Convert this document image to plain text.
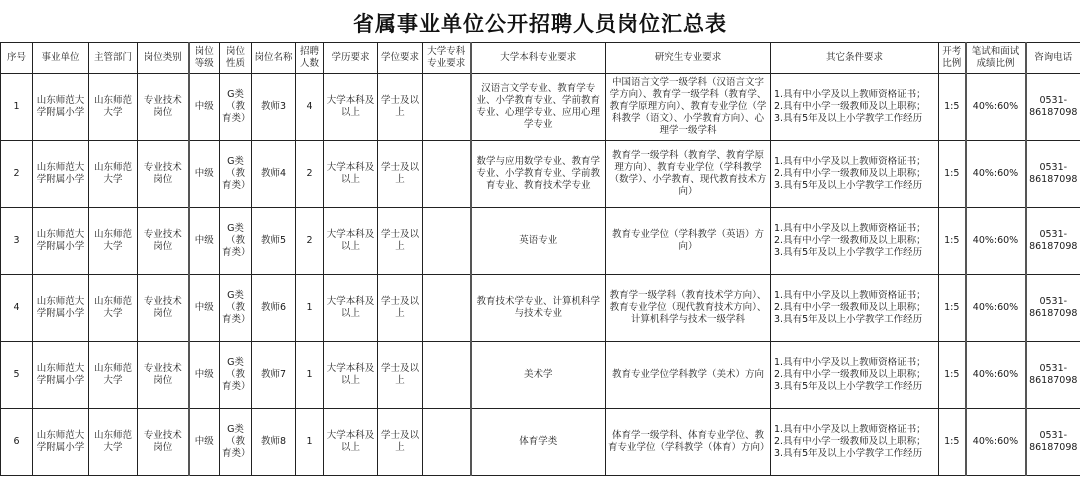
省属事业单位公开招聘人员岗位汇总表
序号	事业单位	主管部门	岗位类别	岗位等级	岗位性质	岗位名称	招聘人数	学历要求	学位要求	大学专科专业要求	大学本科专业要求	研究生专业要求	其它条件要求	开考比例	笔试和面试成绩比例	咨询电话
1	山东师范大学附属小学	山东师范大学	专业技术岗位	中级	G类（教育类）	教师3	4	大学本科及以上	学士及以上		汉语言文学专业、教育学专业、小学教育专业、学前教育专业、心理学专业、应用心理学专业	中国语言文学一级学科（汉语言文字学方向）、教育学一级学科（教育学、教育学原理方向）、教育专业学位（学科教学（语文）、小学教育方向）、心理学一级学科	1.具有中小学及以上教师资格证书；
2.具有中小学一级教师及以上职称；
3.具有5年及以上小学教学工作经历	1:5	40%:60%	0531-86187098
2	山东师范大学附属小学	山东师范大学	专业技术岗位	中级	G类（教育类）	教师4	2	大学本科及以上	学士及以上		数学与应用数学专业、教育学专业、小学教育专业、学前教育专业、教育技术学专业	教育学一级学科（教育学、教育学原理方向）、教育专业学位（学科教学（数学）、小学教育、现代教育技术方向）	1.具有中小学及以上教师资格证书；
2.具有中小学一级教师及以上职称；
3.具有5年及以上小学教学工作经历	1:5	40%:60%	0531-86187098
3	山东师范大学附属小学	山东师范大学	专业技术岗位	中级	G类（教育类）	教师5	2	大学本科及以上	学士及以上		英语专业	教育专业学位（学科教学（英语）方向）	1.具有中小学及以上教师资格证书；
2.具有中小学一级教师及以上职称；
3.具有5年及以上小学教学工作经历	1:5	40%:60%	0531-86187098
4	山东师范大学附属小学	山东师范大学	专业技术岗位	中级	G类（教育类）	教师6	1	大学本科及以上	学士及以上		教育技术学专业、计算机科学与技术专业	教育学一级学科（教育技术学方向）、教育专业学位（现代教育技术方向）、计算机科学与技术一级学科	1.具有中小学及以上教师资格证书；
2.具有中小学一级教师及以上职称；
3.具有5年及以上小学教学工作经历	1:5	40%:60%	0531-86187098
5	山东师范大学附属小学	山东师范大学	专业技术岗位	中级	G类（教育类）	教师7	1	大学本科及以上	学士及以上		美术学	教育专业学位学科教学（美术）方向	1.具有中小学及以上教师资格证书；
2.具有中小学一级教师及以上职称；
3.具有5年及以上小学教学工作经历	1:5	40%:60%	0531-86187098
6	山东师范大学附属小学	山东师范大学	专业技术岗位	中级	G类（教育类）	教师8	1	大学本科及以上	学士及以上		体育学类	体育学一级学科、体育专业学位、教育专业学位（学科教学（体育）方向）	1.具有中小学及以上教师资格证书；
2.具有中小学一级教师及以上职称；
3.具有5年及以上小学教学工作经历	1:5	40%:60%	0531-86187098
